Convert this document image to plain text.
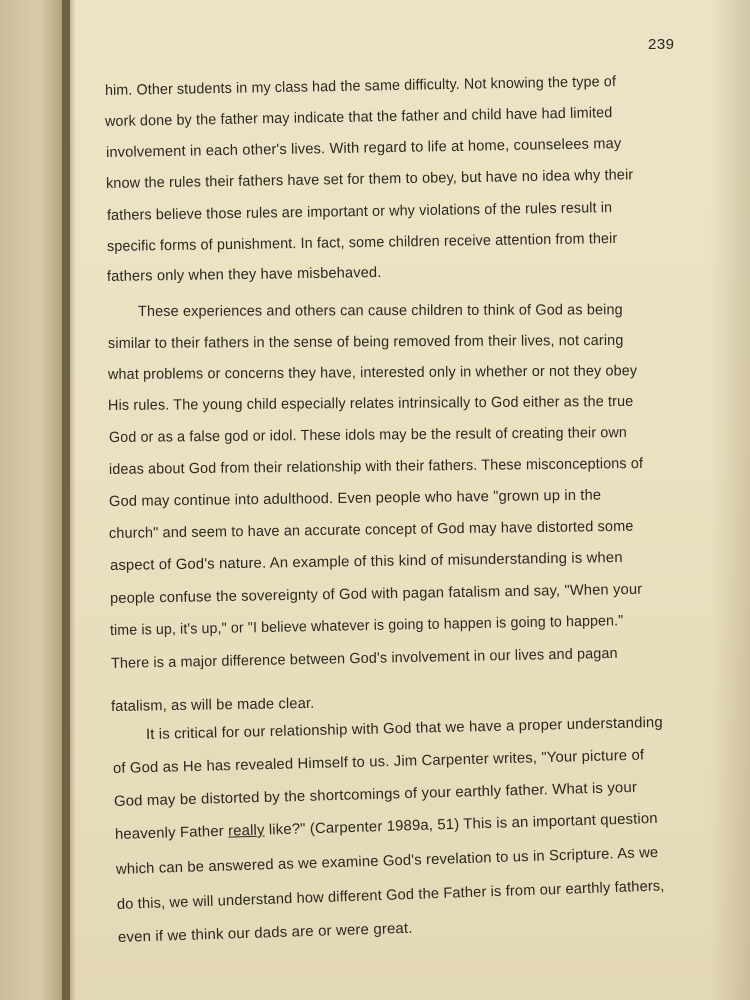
239
him. Other students in my class had the same difficulty. Not knowing the type of
work done by the father may indicate that the father and child have had limited
involvement in each other's lives. With regard to life at home, counselees may
know the rules their fathers have set for them to obey, but have no idea why their
fathers believe those rules are important or why violations of the rules result in
specific forms of punishment. In fact, some children receive attention from their
fathers only when they have misbehaved.
These experiences and others can cause children to think of God as being
similar to their fathers in the sense of being removed from their lives, not caring
what problems or concerns they have, interested only in whether or not they obey
His rules. The young child especially relates intrinsically to God either as the true
God or as a false god or idol. These idols may be the result of creating their own
ideas about God from their relationship with their fathers. These misconceptions of
God may continue into adulthood. Even people who have "grown up in the
church" and seem to have an accurate concept of God may have distorted some
aspect of God's nature. An example of this kind of misunderstanding is when
people confuse the sovereignty of God with pagan fatalism and say, "When your
time is up, it's up," or "I believe whatever is going to happen is going to happen."
There is a major difference between God's involvement in our lives and pagan
fatalism, as will be made clear.
It is critical for our relationship with God that we have a proper understanding
of God as He has revealed Himself to us. Jim Carpenter writes, "Your picture of
God may be distorted by the shortcomings of your earthly father. What is your
heavenly Father really like?" (Carpenter 1989a, 51) This is an important question
which can be answered as we examine God's revelation to us in Scripture. As we
do this, we will understand how different God the Father is from our earthly fathers,
even if we think our dads are or were great.
